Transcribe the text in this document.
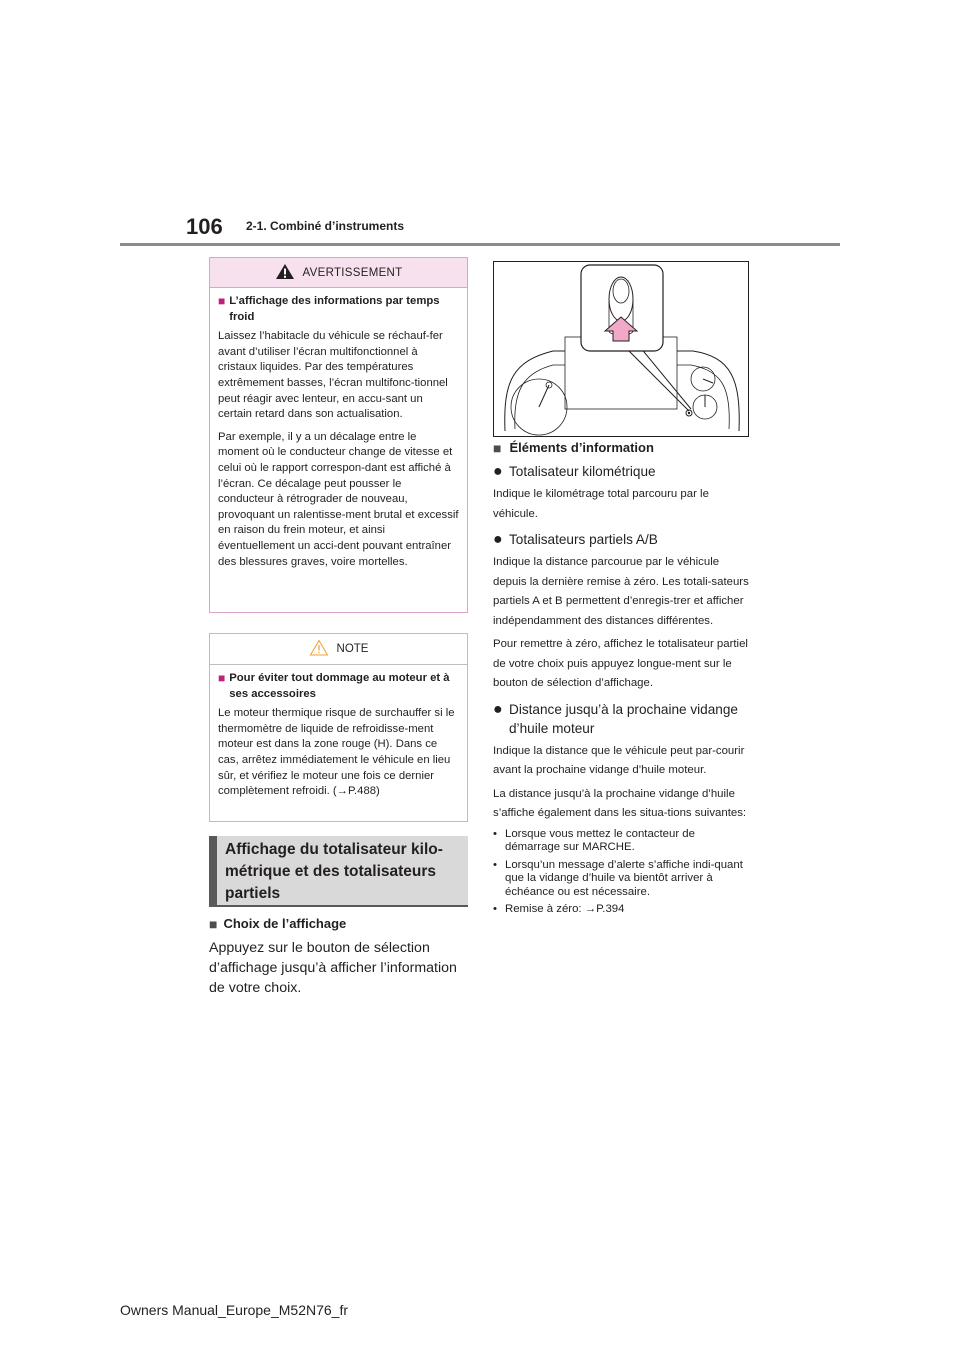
106 2-1. Combiné d’instruments
AVERTISSEMENT
■ L’affichage des informations par temps froid

Laissez l’habitacle du véhicule se réchauf-fer avant d’utiliser l’écran multifonctionnel à cristaux liquides. Par des températures extrêmement basses, l’écran multifonc-tionnel peut réagir avec lenteur, en accu-sant un certain retard dans son actualisation.

Par exemple, il y a un décalage entre le moment où le conducteur change de vitesse et celui où le rapport correspon-dant est affiché à l’écran. Ce décalage peut pousser le conducteur à rétrograder de nouveau, provoquant un ralentisse-ment brutal et excessif en raison du frein moteur, et ainsi éventuellement un acci-dent pouvant entraîner des blessures graves, voire mortelles.

NOTE
■ Pour éviter tout dommage au moteur et à ses accessoires

Le moteur thermique risque de surchauffer si le thermomètre de liquide de refroidisse-ment moteur est dans la zone rouge (H). Dans ce cas, arrêtez immédiatement le véhicule en lieu sûr, et vérifiez le moteur une fois ce dernier complètement refroidi. (→P.488)

Affichage du totalisateur kilo-métrique et des totalisateurs partiels
■ Choix de l’affichage
Appuyez sur le bouton de sélection d’affichage jusqu’à afficher l’information de votre choix.
■ Éléments d’information
● Totalisateur kilométrique

Indique le kilométrage total parcouru par le véhicule.

● Totalisateurs partiels A/B

Indique la distance parcourue par le véhicule depuis la dernière remise à zéro. Les totali-sateurs partiels A et B permettent d’enregis-trer et afficher indépendamment des distances différentes.

Pour remettre à zéro, affichez le totalisateur partiel de votre choix puis appuyez longue-ment sur le bouton de sélection d’affichage.

● Distance jusqu’à la prochaine vidange d’huile moteur

Indique la distance que le véhicule peut par-courir avant la prochaine vidange d’huile moteur.

La distance jusqu’à la prochaine vidange d’huile s’affiche également dans les situa-tions suivantes:

• Lorsque vous mettez le contacteur de démarrage sur MARCHE.
• Lorsqu’un message d’alerte s’affiche indi-quant que la vidange d’huile va bientôt arriver à échéance ou est nécessaire.
• Remise à zéro: →P.394
Owners Manual_Europe_M52N76_fr
